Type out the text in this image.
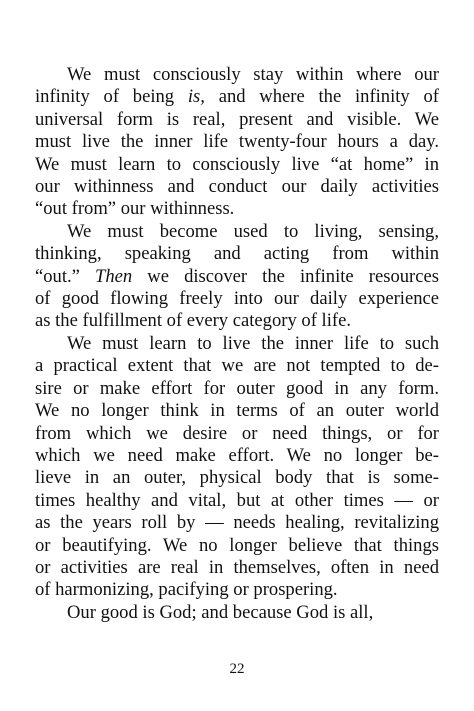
We must consciously stay within where our
infinity of being is, and where the infinity of
universal form is real, present and visible. We
must live the inner life twenty-four hours a day.
We must learn to consciously live “at home” in
our withinness and conduct our daily activities
“out from” our withinness.
We must become used to living, sensing,
thinking, speaking and acting from within
“out.” Then we discover the infinite resources
of good flowing freely into our daily experience
as the fulfillment of every category of life.
We must learn to live the inner life to such
a practical extent that we are not tempted to de-
sire or make effort for outer good in any form.
We no longer think in terms of an outer world
from which we desire or need things, or for
which we need make effort. We no longer be-
lieve in an outer, physical body that is some-
times healthy and vital, but at other times — or
as the years roll by — needs healing, revitalizing
or beautifying. We no longer believe that things
or activities are real in themselves, often in need
of harmonizing, pacifying or prospering.
Our good is God; and because God is all,
22
